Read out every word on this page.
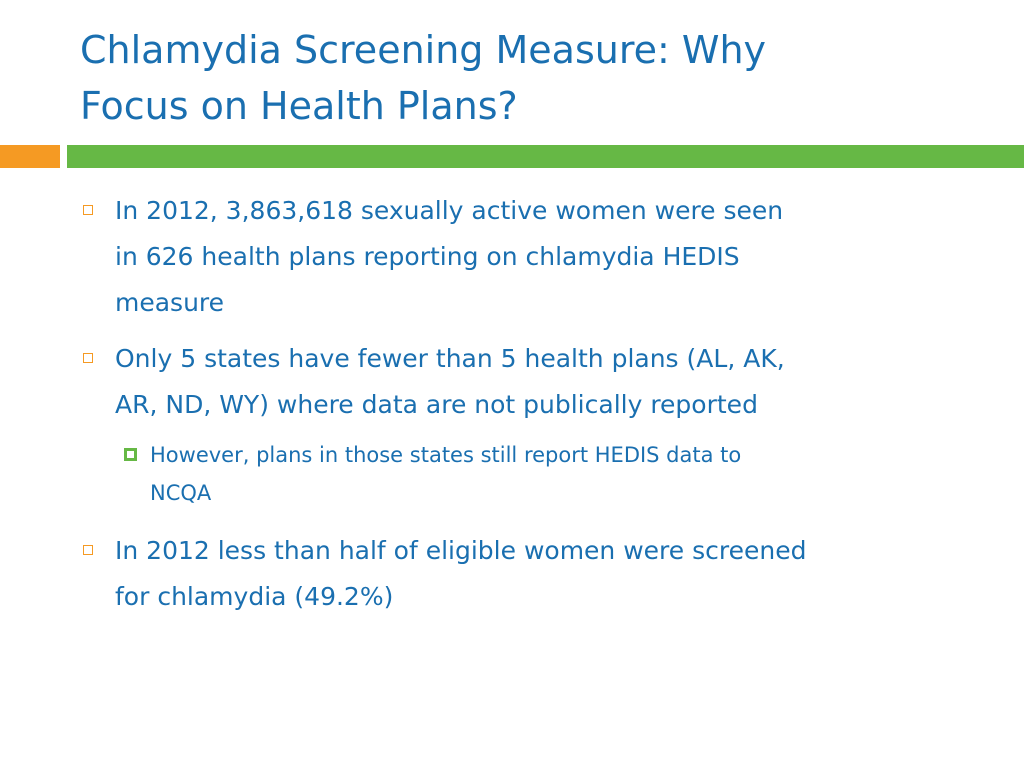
Chlamydia Screening Measure: Why
Focus on Health Plans?
In 2012, 3,863,618 sexually active women were seen
in 626 health plans reporting on chlamydia HEDIS
measure
Only 5 states have fewer than 5 health plans (AL, AK,
AR, ND, WY) where data are not publically reported
However, plans in those states still report HEDIS data to
NCQA
In 2012 less than half of eligible women were screened
for chlamydia (49.2%)
